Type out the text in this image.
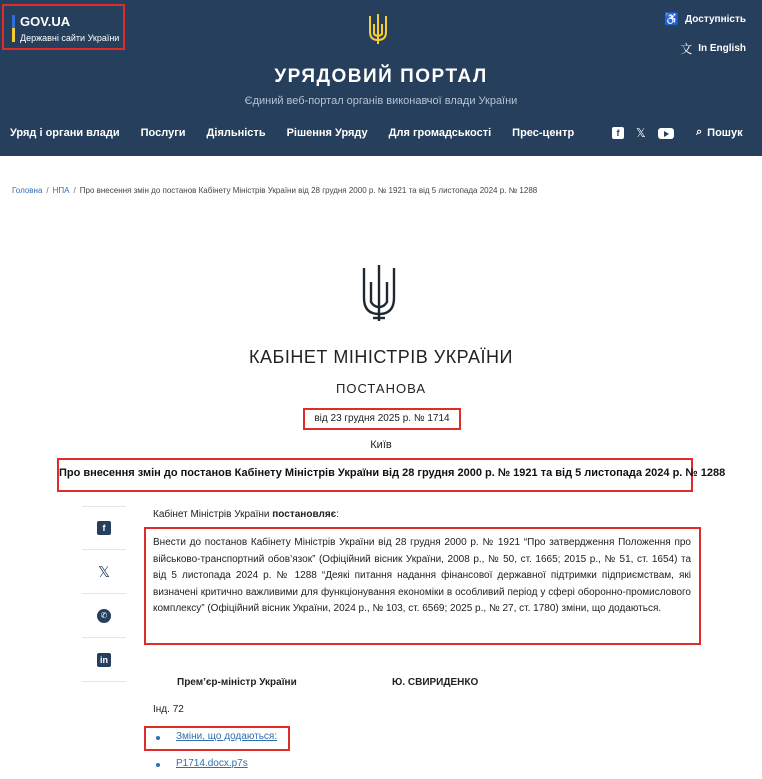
GOV.UA
Державні сайти України
♿ Доступність
文 In English
УРЯДОВИЙ ПОРТАЛ
Єдиний веб-портал органів виконавчої влади України
Уряд і органи влади Послуги Діяльність Рішення Уряду Для громадськості Прес-центр	f	𝕏	⌕ Пошук
Головна / НПА / Про внесення змін до постанов Кабінету Міністрів України від 28 грудня 2000 р. № 1921 та від 5 листопада 2024 р. № 1288
КАБІНЕТ МІНІСТРІВ УКРАЇНИ
ПОСТАНОВА
від 23 грудня 2025 р. № 1714
Київ
Про внесення змін до постанов Кабінету Міністрів України від 28 грудня 2000 р. № 1921 та від 5 листопада 2024 р. № 1288
f
𝕏
✆
in
Кабінет Міністрів України постановляє:
Внести до постанов Кабінету Міністрів України від 28 грудня 2000 р. № 1921 “Про затвердження Положення про військово-транспортний обов’язок” (Офіційний вісник України, 2008 р., № 50, ст. 1665; 2015 р., № 51, ст. 1654) та від 5 листопада 2024 р. № 1288 “Деякі питання надання фінансової державної підтримки підприємствам, які визначені критично важливими для функціонування економіки в особливий період у сфері оборонно-промислового комплексу” (Офіційний вісник України, 2024 р., № 103, ст. 6569; 2025 р., № 27, ст. 1780) зміни, що додаються.
Прем’єр-міністр України	Ю. СВИРИДЕНКО
Інд. 72
Зміни, що додаються:
P1714.docx.p7s
